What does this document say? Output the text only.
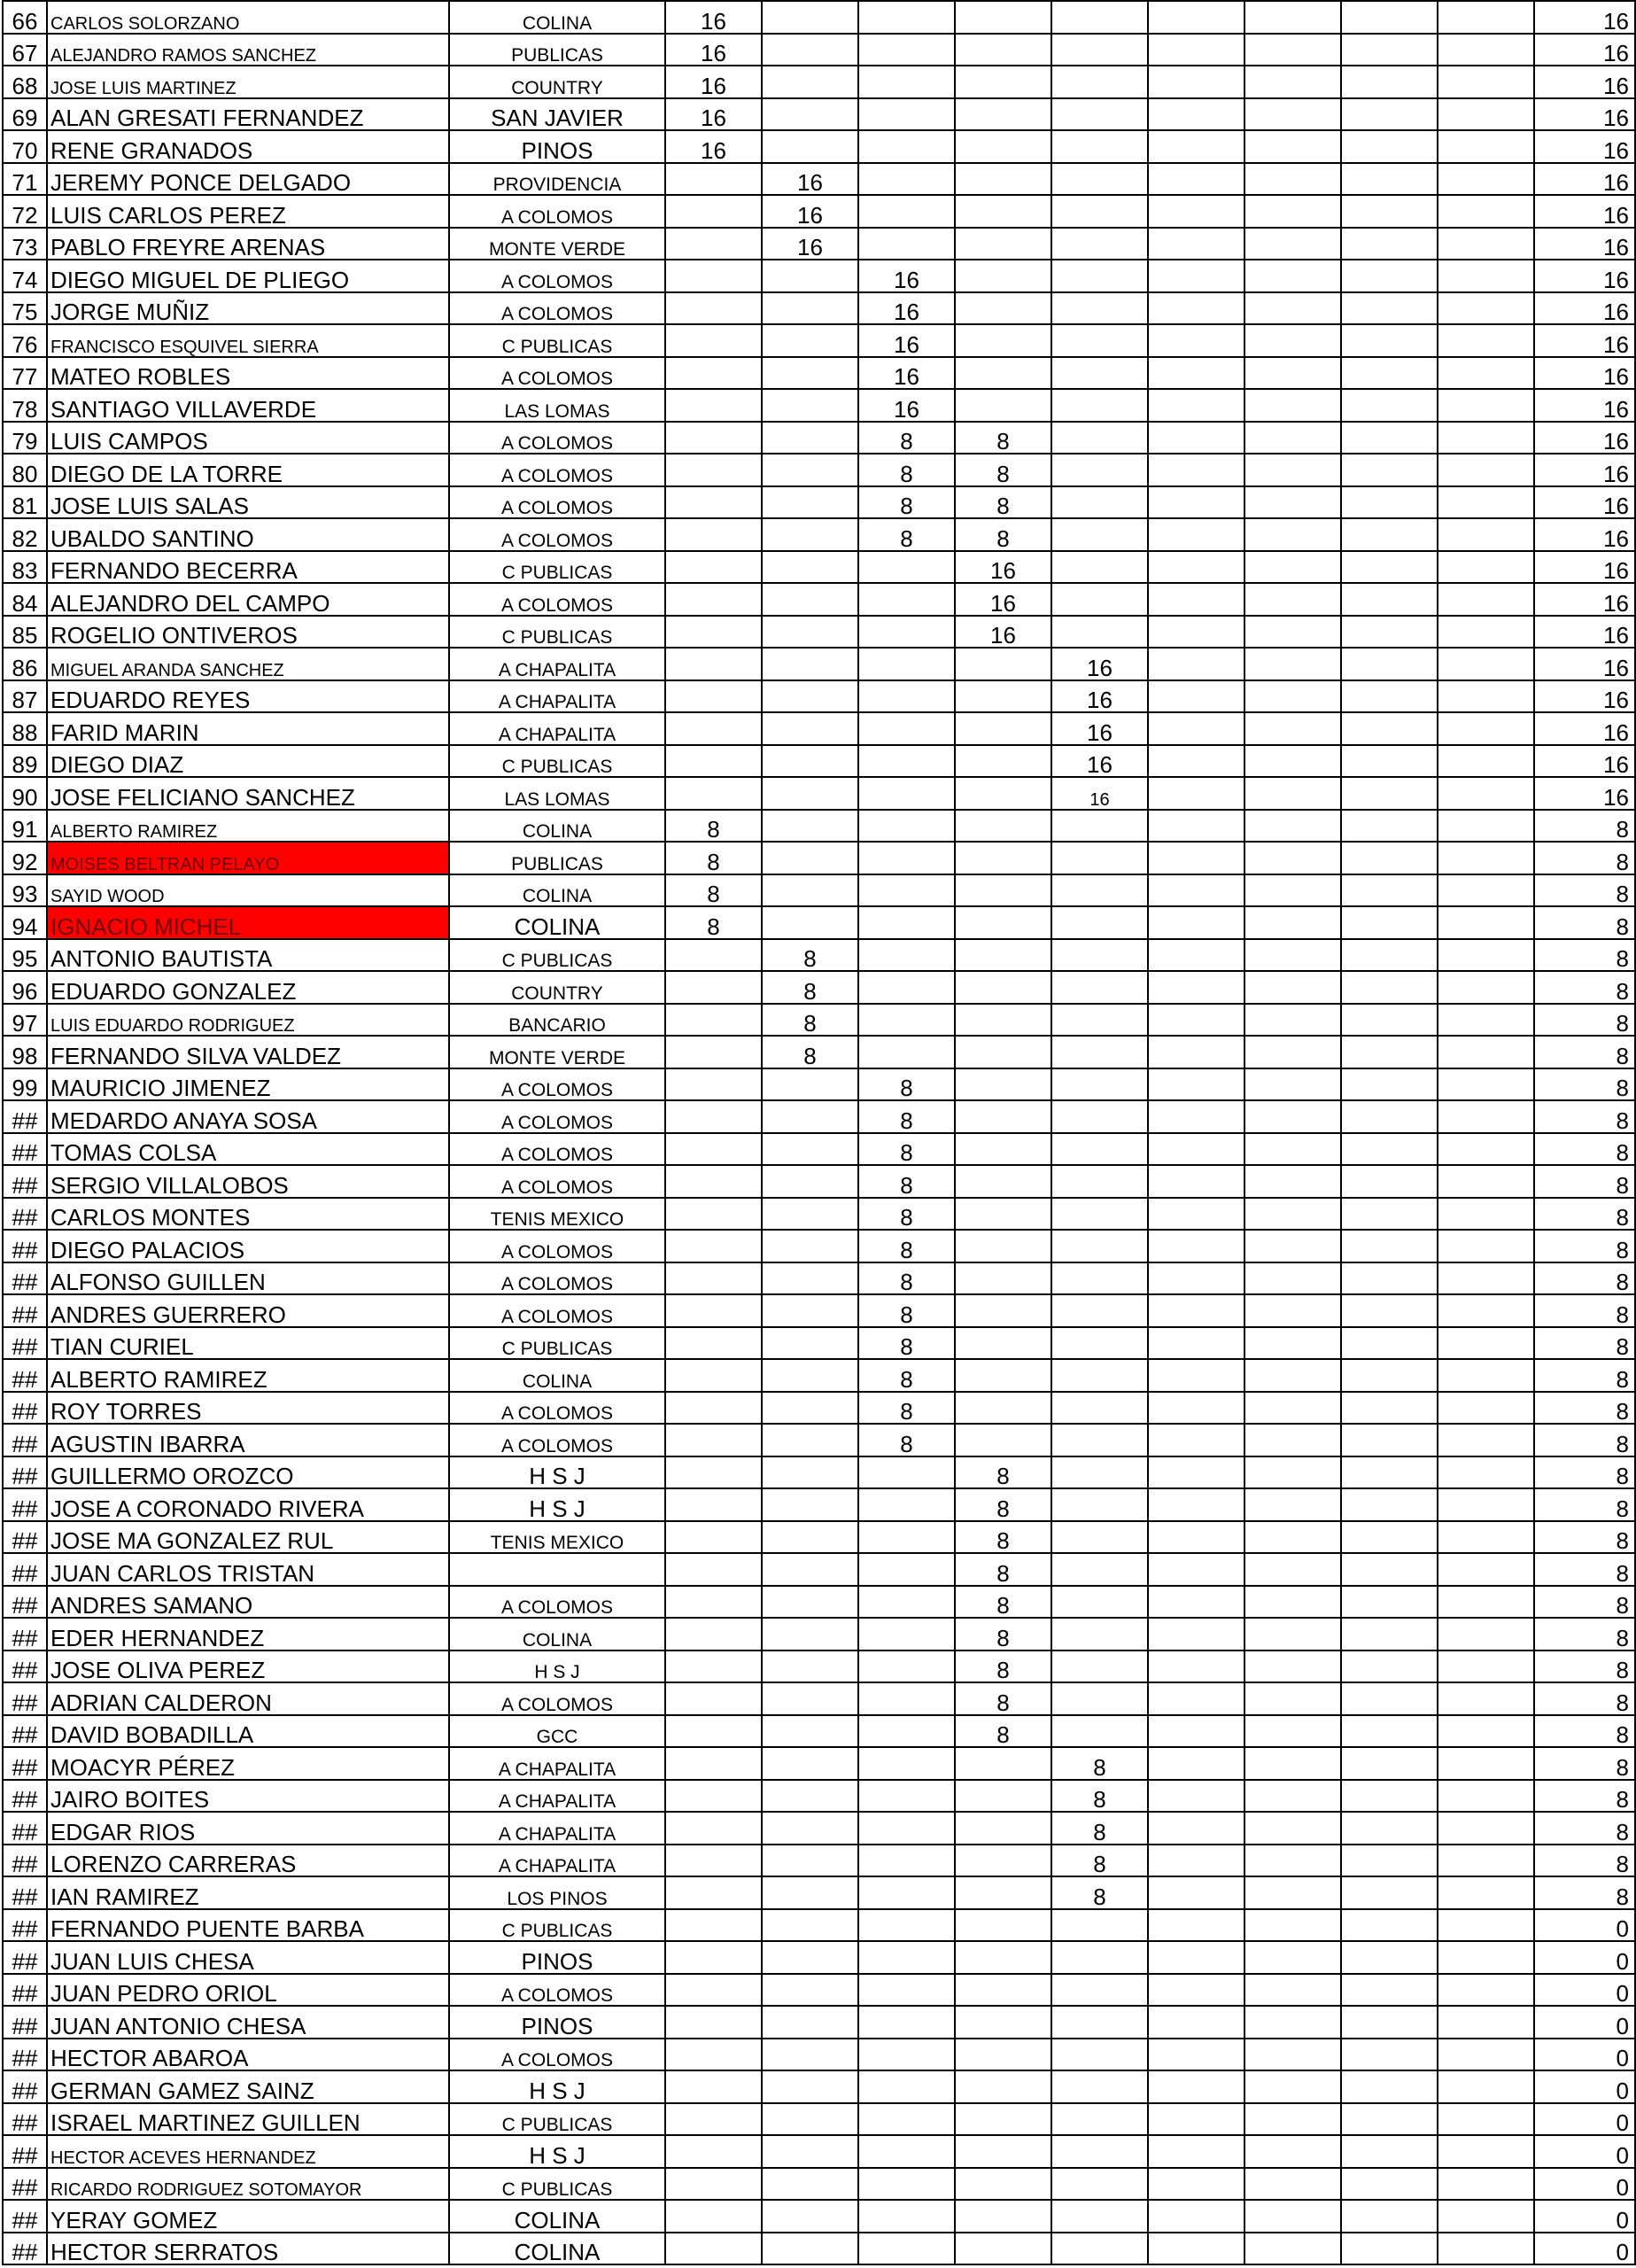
66	CARLOS SOLORZANO	COLINA	16									16
67	ALEJANDRO RAMOS SANCHEZ	PUBLICAS	16									16
68	JOSE LUIS MARTINEZ	COUNTRY	16									16
69	ALAN GRESATI FERNANDEZ	SAN JAVIER	16									16
70	RENE GRANADOS	PINOS	16									16
71	JEREMY PONCE DELGADO	PROVIDENCIA		16								16
72	LUIS CARLOS PEREZ	A COLOMOS		16								16
73	PABLO FREYRE ARENAS	MONTE VERDE		16								16
74	DIEGO MIGUEL DE PLIEGO	A COLOMOS			16							16
75	JORGE MUÑIZ	A COLOMOS			16							16
76	FRANCISCO ESQUIVEL SIERRA	C PUBLICAS			16							16
77	MATEO ROBLES	A COLOMOS			16							16
78	SANTIAGO VILLAVERDE	LAS LOMAS			16							16
79	LUIS CAMPOS	A COLOMOS			8	8						16
80	DIEGO DE LA TORRE	A COLOMOS			8	8						16
81	JOSE LUIS SALAS	A COLOMOS			8	8						16
82	UBALDO SANTINO	A COLOMOS			8	8						16
83	FERNANDO BECERRA	C PUBLICAS				16						16
84	ALEJANDRO DEL CAMPO	A COLOMOS				16						16
85	ROGELIO ONTIVEROS	C PUBLICAS				16						16
86	MIGUEL ARANDA SANCHEZ	A CHAPALITA					16					16
87	EDUARDO REYES	A CHAPALITA					16					16
88	FARID MARIN	A CHAPALITA					16					16
89	DIEGO DIAZ	C PUBLICAS					16					16
90	JOSE FELICIANO SANCHEZ	LAS LOMAS					16					16
91	ALBERTO RAMIREZ	COLINA	8									8
92	MOISES BELTRAN PELAYO	PUBLICAS	8									8
93	SAYID WOOD	COLINA	8									8
94	IGNACIO MICHEL	COLINA	8									8
95	ANTONIO BAUTISTA	C PUBLICAS		8								8
96	EDUARDO GONZALEZ	COUNTRY		8								8
97	LUIS EDUARDO RODRIGUEZ	BANCARIO		8								8
98	FERNANDO SILVA VALDEZ	MONTE VERDE		8								8
99	MAURICIO JIMENEZ	A COLOMOS			8							8
##	MEDARDO ANAYA SOSA	A COLOMOS			8							8
##	TOMAS COLSA	A COLOMOS			8							8
##	SERGIO VILLALOBOS	A COLOMOS			8							8
##	CARLOS MONTES	TENIS MEXICO			8							8
##	DIEGO PALACIOS	A COLOMOS			8							8
##	ALFONSO GUILLEN	A COLOMOS			8							8
##	ANDRES GUERRERO	A COLOMOS			8							8
##	TIAN CURIEL	C PUBLICAS			8							8
##	ALBERTO RAMIREZ	COLINA			8							8
##	ROY TORRES	A COLOMOS			8							8
##	AGUSTIN IBARRA	A COLOMOS			8							8
##	GUILLERMO OROZCO	H S J				8						8
##	JOSE A CORONADO RIVERA	H S J				8						8
##	JOSE MA GONZALEZ RUL	TENIS MEXICO				8						8
##	JUAN CARLOS TRISTAN					8						8
##	ANDRES SAMANO	A COLOMOS				8						8
##	EDER HERNANDEZ	COLINA				8						8
##	JOSE OLIVA PEREZ	H S J				8						8
##	ADRIAN CALDERON	A COLOMOS				8						8
##	DAVID BOBADILLA	GCC				8						8
##	MOACYR PÉREZ	A CHAPALITA					8					8
##	JAIRO BOITES	A CHAPALITA					8					8
##	EDGAR RIOS	A CHAPALITA					8					8
##	LORENZO CARRERAS	A CHAPALITA					8					8
##	IAN RAMIREZ	LOS PINOS					8					8
##	FERNANDO PUENTE BARBA	C PUBLICAS										0
##	JUAN LUIS CHESA	PINOS										0
##	JUAN PEDRO ORIOL	A COLOMOS										0
##	JUAN ANTONIO CHESA	PINOS										0
##	HECTOR ABAROA	A COLOMOS										0
##	GERMAN GAMEZ SAINZ	H S J										0
##	ISRAEL MARTINEZ GUILLEN	C PUBLICAS										0
##	HECTOR ACEVES HERNANDEZ	H S J										0
##	RICARDO RODRIGUEZ SOTOMAYOR	C PUBLICAS										0
##	YERAY GOMEZ	COLINA										0
##	HECTOR SERRATOS	COLINA										0
